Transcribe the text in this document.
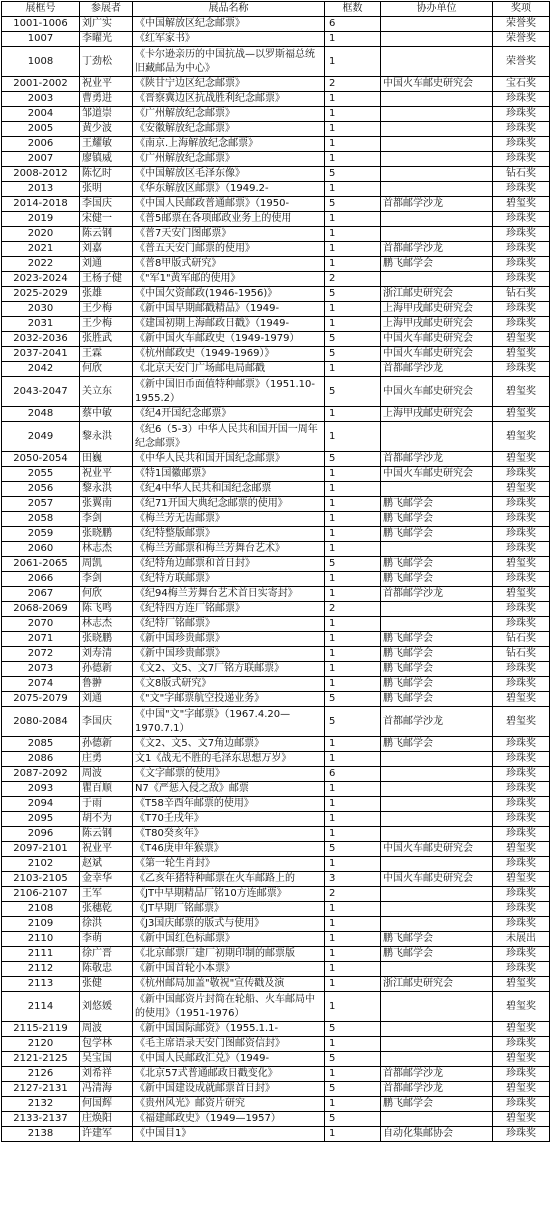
展框号	参展者	展品名称	框数	协办单位	奖项
1001-1006	刘广实	《中国解放区纪念邮票》	6		荣誉奖
1007	李曜光	《红军家书》	1		荣誉奖
1008	丁劲松	《卡尔逊亲历的中国抗战—以罗斯福总统旧藏邮品为中心》	1		荣誉奖
2001-2002	祝业平	《陕甘宁边区纪念邮票》	2	中国火车邮史研究会	宝石奖
2003	曹勇进	《晋察冀边区抗战胜利纪念邮票》	1		珍珠奖
2004	邹道崇	《广州解放纪念邮票》	1		珍珠奖
2005	黄少波	《安徽解放纪念邮票》	1		珍珠奖
2006	王耀敏	《南京.上海解放纪念邮票》	1		珍珠奖
2007	廖镇威	《广州解放纪念邮票》	1		珍珠奖
2008-2012	陈忆时	《中国解放区毛泽东像》	5		钻石奖
2013	张明	《华东解放区邮票》（1949.2-	1		珍珠奖
2014-2018	李国庆	《中国人民邮政普通邮票》（1950-	5	首都邮学沙龙	碧玺奖
2019	宋健一	《普5邮票在各项邮政业务上的使用	1		珍珠奖
2020	陈云钢	《普7天安门图邮票》	1		珍珠奖
2021	刘嘉	《普五天安门邮票的使用》	1	首都邮学沙龙	珍珠奖
2022	刘通	《普8甲版式研究》	1	鹏飞邮学会	珍珠奖
2023-2024	王杨子健	《"军1"黄军邮的使用》	2		珍珠奖
2025-2029	张雄	《中国欠资邮政(1946-1956)》	5	浙江邮史研究会	钻石奖
2030	王少梅	《新中国早期邮戳精品》（1949-	1	上海甲戌邮史研究会	珍珠奖
2031	王少梅	《建国初期上海邮政日戳》（1949-	1	上海甲戌邮史研究会	珍珠奖
2032-2036	张胜武	《新中国火车邮政史（1949-1979）	5	中国火车邮史研究会	碧玺奖
2037-2041	王霖	《杭州邮政史（1949-1969）》	5	中国火车邮史研究会	碧玺奖
2042	何欣	《北京天安门广场邮电局邮戳	1	首都邮学沙龙	珍珠奖
2043-2047	关立东	《新中国旧币面值特种邮票》（1951.10-1955.2）	5	中国火车邮史研究会	碧玺奖
2048	蔡中敏	《纪4开国纪念邮票》	1	上海甲戌邮史研究会	碧玺奖
2049	黎永洪	《纪6（5-3）中华人民共和国开国一周年纪念邮票》	1		碧玺奖
2050-2054	田巍	《中华人民共和国开国纪念邮票》	5	首都邮学沙龙	碧玺奖
2055	祝业平	《特1国徽邮票》	1	中国火车邮史研究会	珍珠奖
2056	黎永洪	《纪4中华人民共和国纪念邮票	1		碧玺奖
2057	张翼南	《纪71开国大典纪念邮票的使用》	1	鹏飞邮学会	珍珠奖
2058	李剑	《梅兰芳无齿邮票》	1	鹏飞邮学会	珍珠奖
2059	张晓鹏	《纪特整版邮票》	1	鹏飞邮学会	珍珠奖
2060	林志杰	《梅兰芳邮票和梅兰芳舞台艺术》	1		珍珠奖
2061-2065	周凯	《纪特角边邮票和首日封》	5	鹏飞邮学会	碧玺奖
2066	李剑	《纪特方联邮票》	1	鹏飞邮学会	珍珠奖
2067	何欣	《纪94梅兰芳舞台艺术首日实寄封》	1	首都邮学沙龙	碧玺奖
2068-2069	陈飞鸣	《纪特四方连厂铭邮票》	2		珍珠奖
2070	林志杰	《纪特厂铭邮票》	1		珍珠奖
2071	张晓鹏	《新中国珍贵邮票》	1	鹏飞邮学会	钻石奖
2072	刘寿清	《新中国珍贵邮票》	1	鹏飞邮学会	钻石奖
2073	孙德新	《文2、文5、文7厂铭方联邮票》	1	鹏飞邮学会	珍珠奖
2074	鲁翀	《文8版式研究》	1	鹏飞邮学会	珍珠奖
2075-2079	刘通	《"文"字邮票航空投递业务》	5	鹏飞邮学会	碧玺奖
2080-2084	李国庆	《中国"文"字邮票》（1967.4.20—1970.7.1）	5	首都邮学沙龙	碧玺奖
2085	孙德新	《文2、文5、文7角边邮票》	1	鹏飞邮学会	珍珠奖
2086	庄勇	文1《战无不胜的毛泽东思想万岁》	1		珍珠奖
2087-2092	周波	《文字邮票的使用》	6		珍珠奖
2093	瞿百顺	N7《严惩入侵之敌》邮票	1		珍珠奖
2094	于雨	《T58辛酉年邮票的使用》	1		珍珠奖
2095	胡不为	《T70壬戌年》	1		珍珠奖
2096	陈云钢	《T80癸亥年》	1		珍珠奖
2097-2101	祝业平	《T46庚申年猴票》	5	中国火车邮史研究会	碧玺奖
2102	赵斌	《第一轮生肖封》	1		珍珠奖
2103-2105	金幸华	《乙亥年猪特种邮票在火车邮路上的	3	中国火车邮史研究会	碧玺奖
2106-2107	王军	《JT中早期精品厂铭10方连邮票》	2		珍珠奖
2108	张穗乾	《JT早期厂铭邮票》	1		珍珠奖
2109	徐洪	《J3国庆邮票的版式与使用》	1		珍珠奖
2110	李萌	《新中国红色标邮票》	1	鹏飞邮学会	未展出
2111	徐广晋	《北京邮票厂建厂初期印制的邮票版	1	鹏飞邮学会	珍珠奖
2112	陈敬忠	《新中国首轮小本票》	1		珍珠奖
2113	张健	《杭州邮局加盖"敬祝"宣传戳及演	1	浙江邮史研究会	碧玺奖
2114	刘悠媛	《新中国邮资片封简在轮船、火车邮局中的使用》（1951-1976）	1		碧玺奖
2115-2119	周波	《新中国国际邮资》（1955.1.1-	5		碧玺奖
2120	包学林	《毛主席语录天安门图邮资信封》	1		珍珠奖
2121-2125	吴宝国	《中国人民邮政汇兑》（1949-	5		碧玺奖
2126	刘希祥	《北京57式普通邮政日戳变化》	1	首都邮学沙龙	珍珠奖
2127-2131	冯清海	《新中国建设成就邮票首日封》	5	首都邮学沙龙	碧玺奖
2132	何国辉	《贵州风光》邮资片研究	1	鹏飞邮学会	珍珠奖
2133-2137	庄焕阳	《福建邮政史》（1949—1957）	5		碧玺奖
2138	许建军	《中国目1》	1	自动化集邮协会	珍珠奖
